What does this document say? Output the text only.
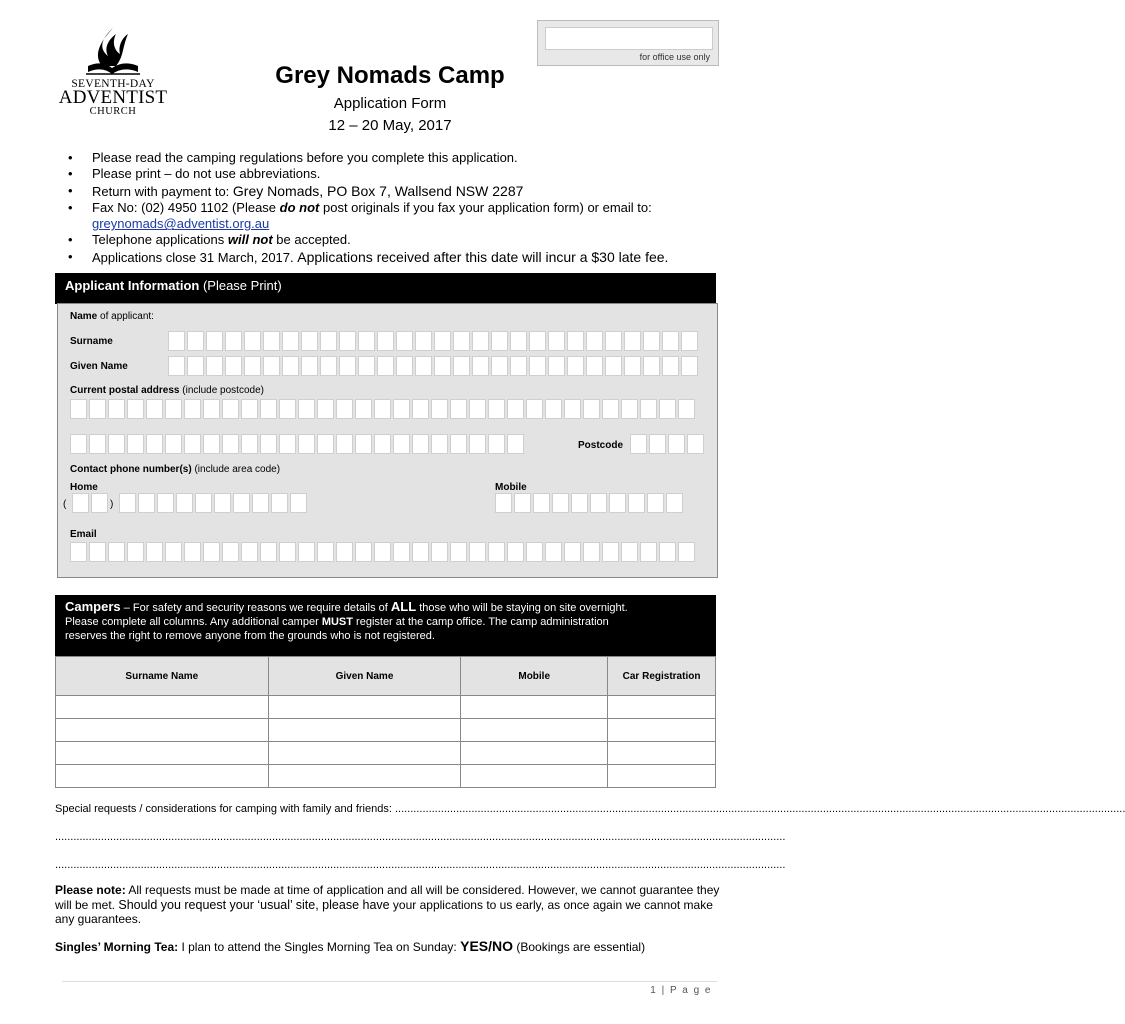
for office use only
SEVENTH-DAY
ADVENTIST
CHURCH
Grey Nomads Camp
Application Form
12 – 20 May, 2017
• Please read the camping regulations before you complete this application.
• Please print – do not use abbreviations.
• Return with payment to: Grey Nomads, PO Box 7, Wallsend NSW 2287
• Fax No: (02) 4950 1102 (Please do not post originals if you fax your application form) or email to:
greynomads@adventist.org.au
• Telephone applications will not be accepted.
• Applications close 31 March, 2017. Applications received after this date will incur a $30 late fee.
Applicant Information (Please Print)
Name of applicant:
Surname
Given Name
Current postal address (include postcode)
Postcode
Contact phone number(s) (include area code)
Home	Mobile
(	)
Email
Campers – For safety and security reasons we require details of ALL those who will be staying on site overnight.
Please complete all columns. Any additional camper MUST register at the camp office. The camp administration
reserves the right to remove anyone from the grounds who is not registered.
Surname Name	Given Name	Mobile	Car Registration

Special requests / considerations for camping with family and friends: ...............................................................................................................................................................................................................................................
...............................................................................................................................................................................................................................................
...............................................................................................................................................................................................................................................
Please note: All requests must be made at time of application and all will be considered. However, we cannot guarantee they will be met. Should you request your ‘usual’ site, please have your applications to us early, as once again we cannot make any guarantees.
Singles’ Morning Tea: I plan to attend the Singles Morning Tea on Sunday: YES/NO (Bookings are essential)
1 | P a g e
